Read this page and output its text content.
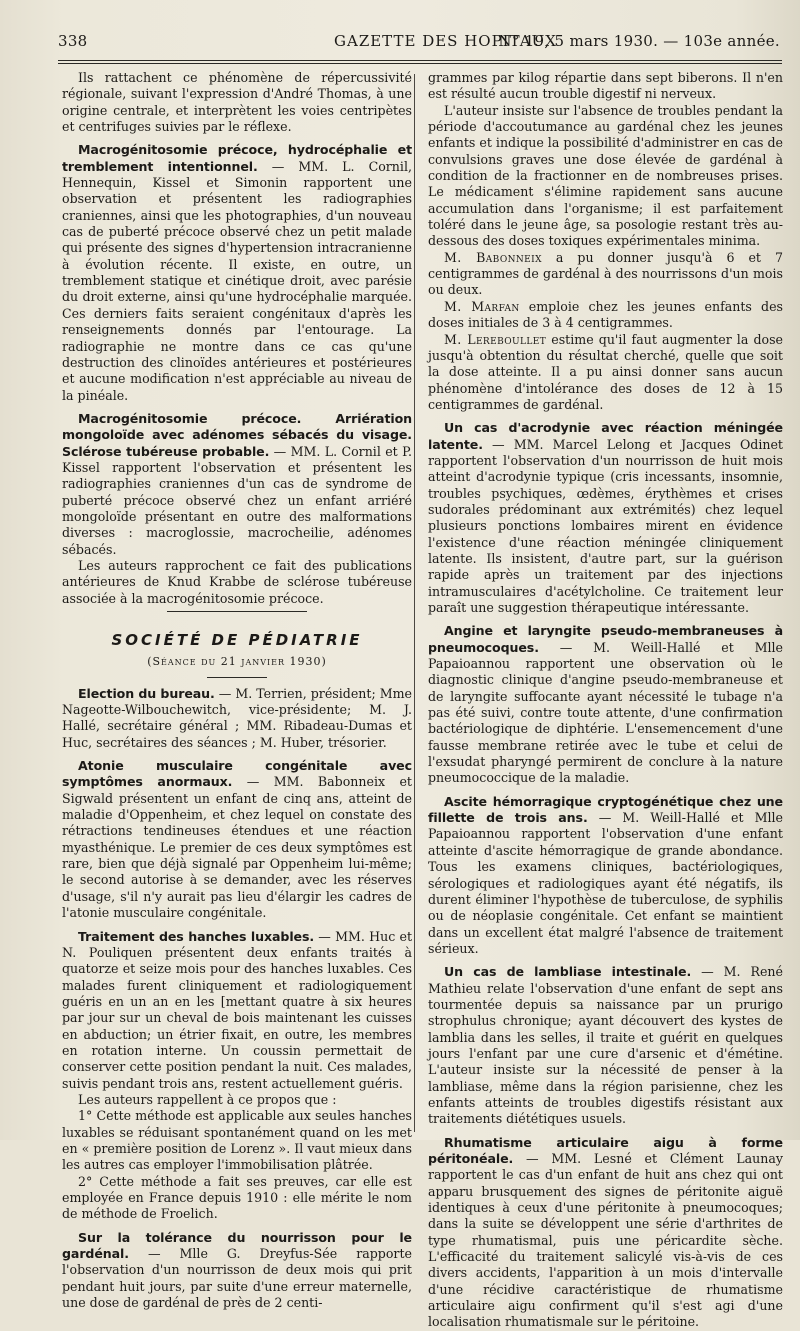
338	GAZETTE DES HOPITAUX
N° 19, 5 mars 1930. — 103e année.

Ils rattachent ce phénomène de répercussivité régionale, suivant l'expression d'André Thomas, à une origine centrale, et interprètent les voies centripètes et centrifuges suivies par le réflexe.

Macrogénitosomie précoce, hydrocéphalie et tremblement intentionnel. — MM. L. Cornil, Hennequin, Kissel et Simonin rapportent une observation et présentent les radiographies craniennes, ainsi que les photographies, d'un nouveau cas de puberté précoce observé chez un petit malade qui présente des signes d'hypertension intracranienne à évolution récente. Il existe, en outre, un tremblement statique et cinétique droit, avec parésie du droit externe, ainsi qu'une hydrocéphalie marquée. Ces derniers faits seraient congénitaux d'après les renseignements donnés par l'entourage. La radiographie ne montre dans ce cas qu'une destruction des clinoïdes antérieures et postérieures et aucune modification n'est appréciable au niveau de la pinéale.

Macrogénitosomie précoce. Arriération mongoloïde avec adénomes sébacés du visage. Sclérose tubéreuse probable. — MM. L. Cornil et P. Kissel rapportent l'observation et présentent les radiographies craniennes d'un cas de syndrome de puberté précoce observé chez un enfant arriéré mongoloïde présentant en outre des malformations diverses : macroglossie, macrocheilie, adénomes sébacés.

Les auteurs rapprochent ce fait des publications antérieures de Knud Krabbe de sclérose tubéreuse associée à la macrogénitosomie précoce.

SOCIÉTÉ DE PÉDIATRIE
(Séance du 21 janvier 1930)

Election du bureau. — M. Terrien, président; Mme Nageotte-Wilbouchewitch, vice-présidente; M. J. Hallé, secrétaire général ; MM. Ribadeau-Dumas et Huc, secrétaires des séances ; M. Huber, trésorier.

Atonie musculaire congénitale avec symptômes anormaux. — MM. Babonneix et Sigwald présentent un enfant de cinq ans, atteint de maladie d'Oppenheim, et chez lequel on constate des rétractions tendineuses étendues et une réaction myasthénique. Le premier de ces deux symptômes est rare, bien que déjà signalé par Oppenheim lui-même; le second autorise à se demander, avec les réserves d'usage, s'il n'y aurait pas lieu d'élargir les cadres de l'atonie musculaire congénitale.

Traitement des hanches luxables. — MM. Huc et N. Pouliquen présentent deux enfants traités à quatorze et seize mois pour des hanches luxables. Ces malades furent cliniquement et radiologiquement guéris en un an en les [mettant quatre à six heures par jour sur un cheval de bois maintenant les cuisses en abduction; un étrier fixait, en outre, les membres en rotation interne. Un coussin permettait de conserver cette position pendant la nuit. Ces malades, suivis pendant trois ans, restent actuellement guéris.

Les auteurs rappellent à ce propos que :

1° Cette méthode est applicable aux seules hanches luxables se réduisant spontanément quand on les met en « première position de Lorenz ». Il vaut mieux dans les autres cas employer l'immobilisation plâtrée.

2° Cette méthode a fait ses preuves, car elle est employée en France depuis 1910 : elle mérite le nom de méthode de Froelich.

Sur la tolérance du nourrisson pour le gardénal. — Mlle G. Dreyfus-Sée rapporte l'observation d'un nourrisson de deux mois qui prit pendant huit jours, par suite d'une erreur maternelle, une dose de gardénal de près de 2 centi-

grammes par kilog répartie dans sept biberons. Il n'en est résulté aucun trouble digestif ni nerveux.

L'auteur insiste sur l'absence de troubles pendant la période d'accoutumance au gardénal chez les jeunes enfants et indique la possibilité d'administrer en cas de convulsions graves une dose élevée de gardénal à condition de la fractionner en de nombreuses prises. Le médicament s'élimine rapidement sans aucune accumulation dans l'organisme; il est parfaitement toléré dans le jeune âge, sa posologie restant très au-dessous des doses toxiques expérimentales minima.

M. Babonneix a pu donner jusqu'à 6 et 7 centigrammes de gardénal à des nourrissons d'un mois ou deux.

M. Marfan emploie chez les jeunes enfants des doses initiales de 3 à 4 centigrammes.

M. Lereboullet estime qu'il faut augmenter la dose jusqu'à obtention du résultat cherché, quelle que soit la dose atteinte. Il a pu ainsi donner sans aucun phénomène d'intolérance des doses de 12 à 15 centigrammes de gardénal.

Un cas d'acrodynie avec réaction méningée latente. — MM. Marcel Lelong et Jacques Odinet rapportent l'observation d'un nourrisson de huit mois atteint d'acrodynie typique (cris incessants, insomnie, troubles psychiques, œdèmes, érythèmes et crises sudorales prédominant aux extrémités) chez lequel plusieurs ponctions lombaires mirent en évidence l'existence d'une réaction méningée cliniquement latente. Ils insistent, d'autre part, sur la guérison rapide après un traitement par des injections intramusculaires d'acétylcholine. Ce traitement leur paraît une suggestion thérapeutique intéressante.

Angine et laryngite pseudo-membraneuses à pneumocoques. — M. Weill-Hallé et Mlle Papaioannou rapportent une observation où le diagnostic clinique d'angine pseudo-membraneuse et de laryngite suffocante ayant nécessité le tubage n'a pas été suivi, contre toute attente, d'une confirmation bactériologique de diphtérie. L'ensemencement d'une fausse membrane retirée avec le tube et celui de l'exsudat pharyngé permirent de conclure à la nature pneumococcique de la maladie.

Ascite hémorragique cryptogénétique chez une fillette de trois ans. — M. Weill-Hallé et Mlle Papaioannou rapportent l'observation d'une enfant atteinte d'ascite hémorragique de grande abondance. Tous les examens cliniques, bactériologiques, sérologiques et radiologiques ayant été négatifs, ils durent éliminer l'hypothèse de tuberculose, de syphilis ou de néoplasie congénitale. Cet enfant se maintient dans un excellent état malgré l'absence de traitement sérieux.

Un cas de lambliase intestinale. — M. René Mathieu relate l'observation d'une enfant de sept ans tourmentée depuis sa naissance par un prurigo strophulus chronique; ayant découvert des kystes de lamblia dans les selles, il traite et guérit en quelques jours l'enfant par une cure d'arsenic et d'émétine. L'auteur insiste sur la nécessité de penser à la lambliase, même dans la région parisienne, chez les enfants atteints de troubles digestifs résistant aux traitements diététiques usuels.

Rhumatisme articulaire aigu à forme péritonéale. — MM. Lesné et Clément Launay rapportent le cas d'un enfant de huit ans chez qui ont apparu brusquement des signes de péritonite aiguë identiques à ceux d'une péritonite à pneumocoques; dans la suite se développent une série d'arthrites de type rhumatismal, puis une péricardite sèche. L'efficacité du traitement salicylé vis-à-vis de ces divers accidents, l'apparition à un mois d'intervalle d'une récidive caractéristique de rhumatisme articulaire aigu confirment qu'il s'est agi d'une localisation rhumatismale sur le péritoine.
